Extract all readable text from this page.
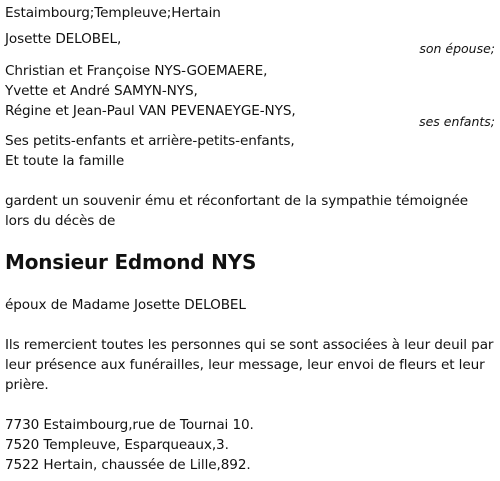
Estaimbourg;Templeuve;Hertain
Josette DELOBEL,
son épouse;
Christian et Françoise NYS-GOEMAERE,
Yvette et André SAMYN-NYS,
Régine et Jean-Paul VAN PEVENAEYGE-NYS,
ses enfants;
Ses petits-enfants et arrière-petits-enfants,
Et toute la famille
gardent un souvenir ému et réconfortant de la sympathie témoignée
lors du décès de
Monsieur Edmond NYS
époux de Madame Josette DELOBEL
Ils remercient toutes les personnes qui se sont associées à leur deuil par
leur présence aux funérailles, leur message, leur envoi de fleurs et leur
prière.
7730 Estaimbourg,rue de Tournai 10.
7520 Templeuve, Esparqueaux,3.
7522 Hertain, chaussée de Lille,892.
